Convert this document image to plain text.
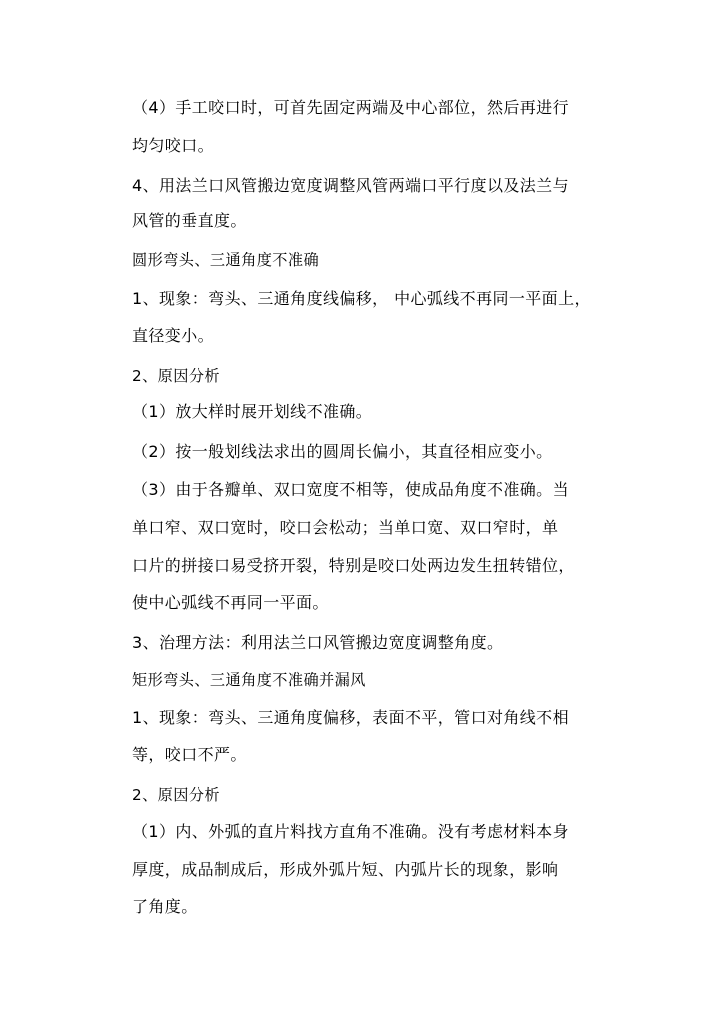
（4）手工咬口时，可首先固定两端及中心部位，然后再进行
均匀咬口。
4、用法兰口风管搬边宽度调整风管两端口平行度以及法兰与
风管的垂直度。
圆形弯头、三通角度不准确
1、现象：弯头、三通角度线偏移， 中心弧线不再同一平面上，
直径变小。
2、原因分析
（1）放大样时展开划线不准确。
（2）按一般划线法求出的圆周长偏小，其直径相应变小。
（3）由于各瓣单、双口宽度不相等，使成品角度不准确。当
单口窄、双口宽时，咬口会松动；当单口宽、双口窄时，单
口片的拼接口易受挤开裂，特别是咬口处两边发生扭转错位，
使中心弧线不再同一平面。
3、治理方法：利用法兰口风管搬边宽度调整角度。
矩形弯头、三通角度不准确并漏风
1、现象：弯头、三通角度偏移，表面不平，管口对角线不相
等，咬口不严。
2、原因分析
（1）内、外弧的直片料找方直角不准确。没有考虑材料本身
厚度，成品制成后，形成外弧片短、内弧片长的现象，影响
了角度。
